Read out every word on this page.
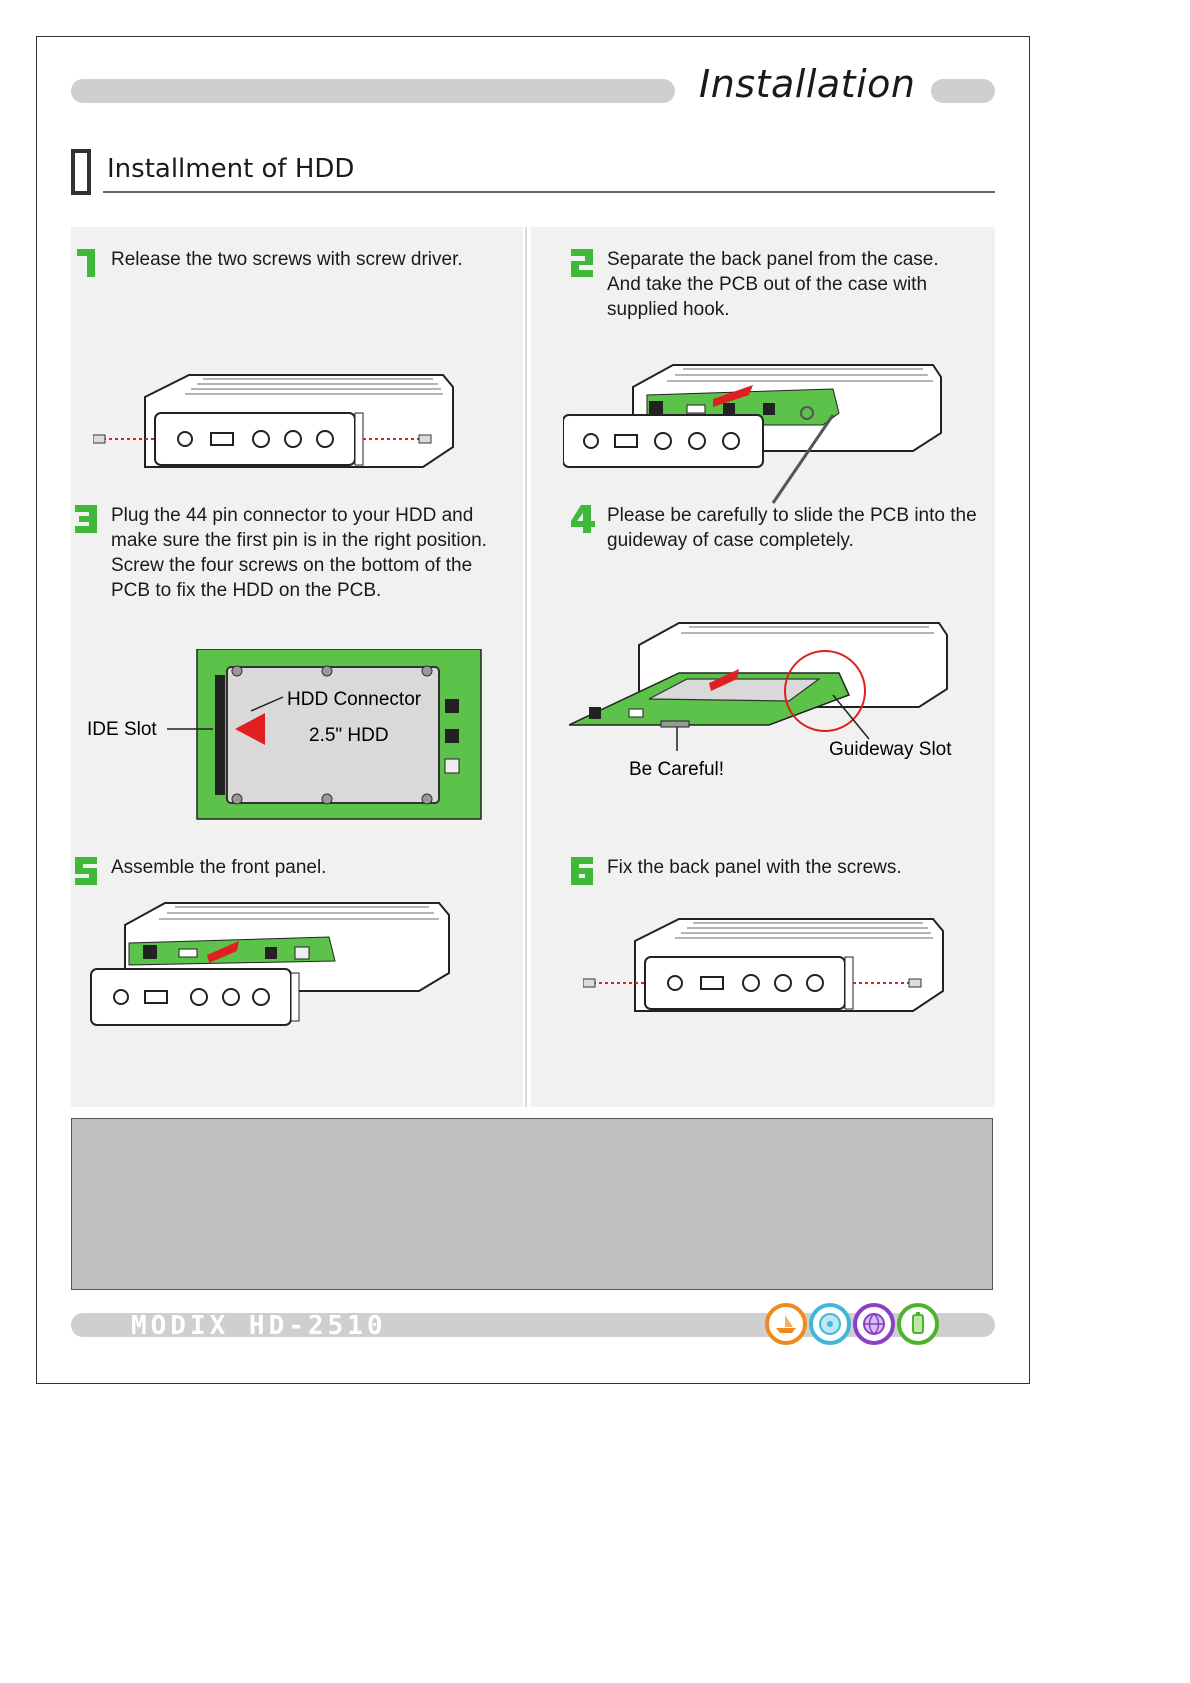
Installation
Installment of HDD
Release the two screws with screw driver.	Separate the back panel from the case.
And take the PCB out of the case with
supplied hook.
Plug the 44 pin connector to your HDD and
make sure the first pin is in the right position.
Screw the four screws on the bottom of the
PCB to fix the HDD on the PCB.
IDE Slot
HDD Connector
2.5" HDD
Please be carefully to slide the PCB into the
guideway of case completely.
Be Careful!
Guideway Slot
Assemble the front panel.	Fix the back panel with the screws.
MODIX HD-2510
